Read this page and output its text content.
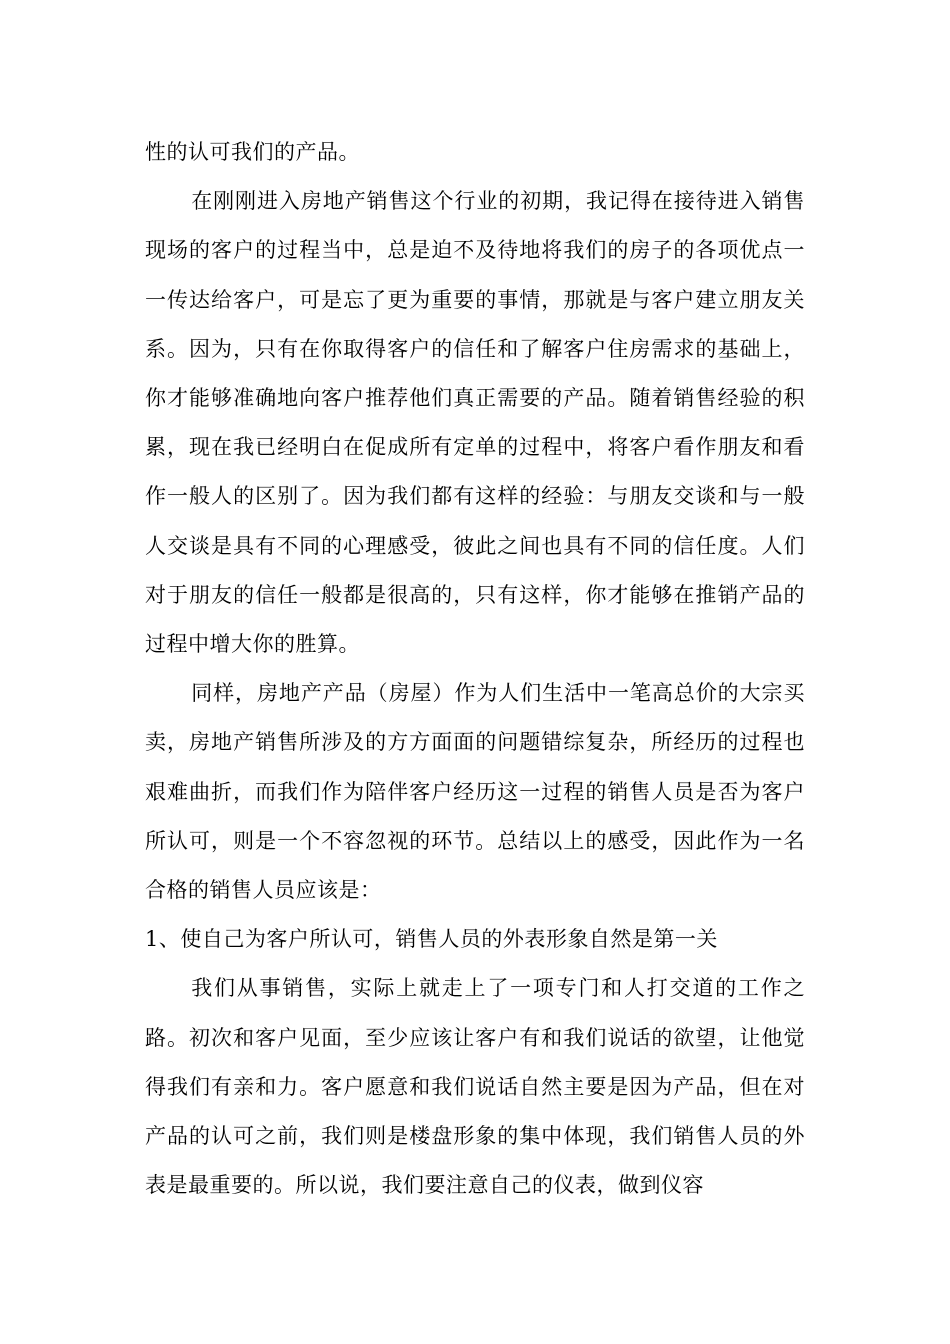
性的认可我们的产品。

在刚刚进入房地产销售这个行业的初期，我记得在接待进入销售现场的客户的过程当中，总是迫不及待地将我们的房子的各项优点一一传达给客户，可是忘了更为重要的事情，那就是与客户建立朋友关系。因为，只有在你取得客户的信任和了解客户住房需求的基础上，你才能够准确地向客户推荐他们真正需要的产品。随着销售经验的积累，现在我已经明白在促成所有定单的过程中，将客户看作朋友和看作一般人的区别了。因为我们都有这样的经验：与朋友交谈和与一般人交谈是具有不同的心理感受，彼此之间也具有不同的信任度。人们对于朋友的信任一般都是很高的，只有这样，你才能够在推销产品的过程中增大你的胜算。

同样，房地产产品（房屋）作为人们生活中一笔高总价的大宗买卖，房地产销售所涉及的方方面面的问题错综复杂，所经历的过程也艰难曲折，而我们作为陪伴客户经历这一过程的销售人员是否为客户所认可，则是一个不容忽视的环节。总结以上的感受，因此作为一名合格的销售人员应该是：

1、使自己为客户所认可，销售人员的外表形象自然是第一关

我们从事销售，实际上就走上了一项专门和人打交道的工作之路。初次和客户见面，至少应该让客户有和我们说话的欲望，让他觉得我们有亲和力。客户愿意和我们说话自然主要是因为产品，但在对产品的认可之前，我们则是楼盘形象的集中体现，我们销售人员的外表是最重要的。所以说，我们要注意自己的仪表，做到仪容
